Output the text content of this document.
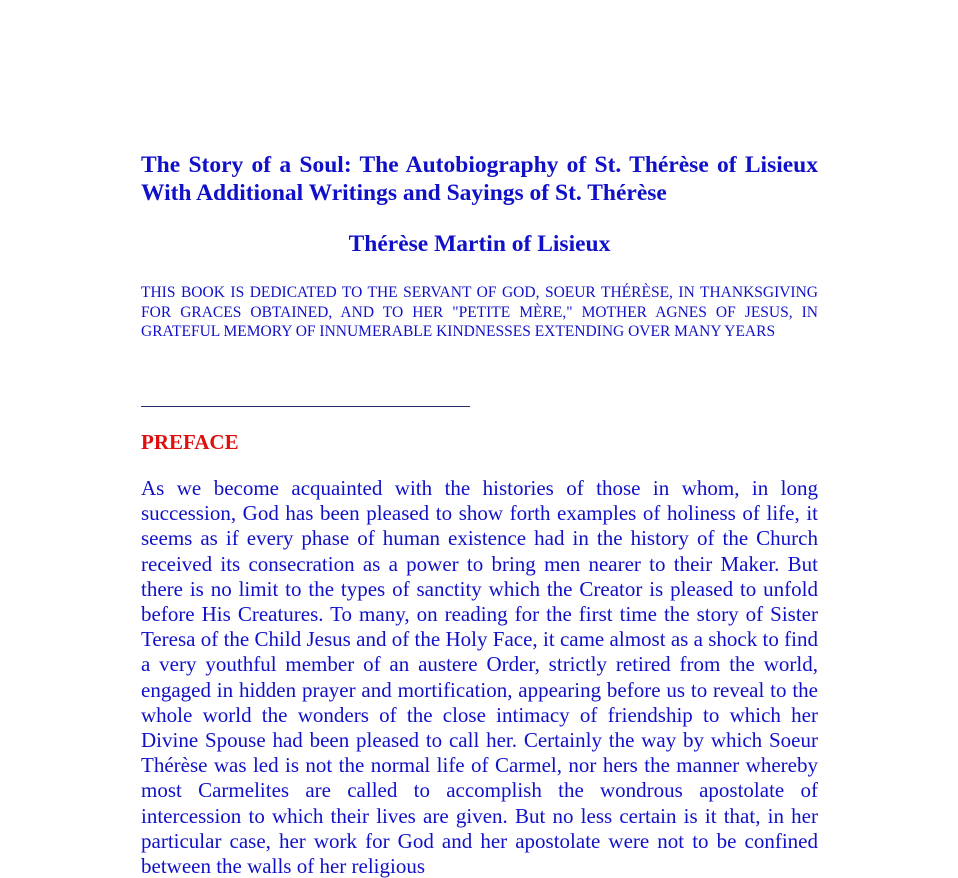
The Story of a Soul: The Autobiography of St. Thérèse of Lisieux With Additional Writings and Sayings of St. Thérèse
Thérèse Martin of Lisieux

THIS BOOK IS DEDICATED TO THE SERVANT OF GOD, SOEUR THÉRÈSE, IN THANKSGIVING FOR GRACES OBTAINED, AND TO HER "PETITE MÈRE," MOTHER AGNES OF JESUS, IN GRATEFUL MEMORY OF INNUMERABLE KINDNESSES EXTENDING OVER MANY YEARS

PREFACE

As we become acquainted with the histories of those in whom, in long succession, God has been pleased to show forth examples of holiness of life, it seems as if every phase of human existence had in the history of the Church received its consecration as a power to bring men nearer to their Maker. But there is no limit to the types of sanctity which the Creator is pleased to unfold before His Creatures. To many, on reading for the first time the story of Sister Teresa of the Child Jesus and of the Holy Face, it came almost as a shock to find a very youthful member of an austere Order, strictly retired from the world, engaged in hidden prayer and mortification, appearing before us to reveal to the whole world the wonders of the close intimacy of friendship to which her Divine Spouse had been pleased to call her. Certainly the way by which Soeur Thérèse was led is not the normal life of Carmel, nor hers the manner whereby most Carmelites are called to accomplish the wondrous apostolate of intercession to which their lives are given. But no less certain is it that, in her particular case, her work for God and her apostolate were not to be confined between the walls of her religious
